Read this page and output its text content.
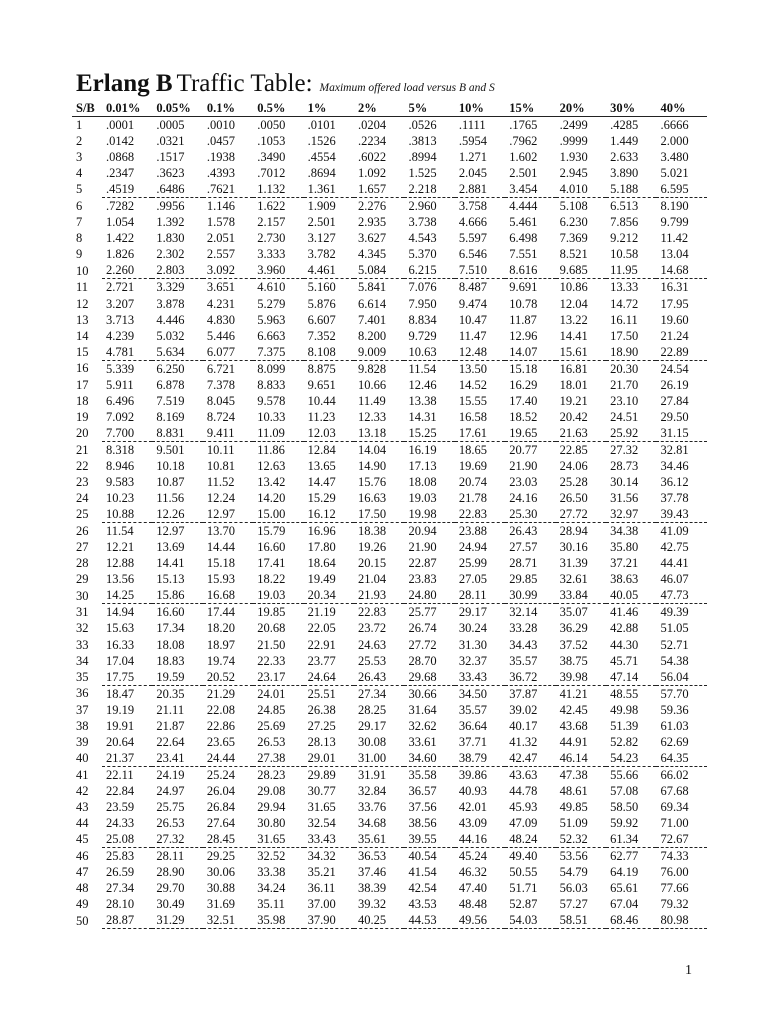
Erlang B Traffic Table: Maximum offered load versus B and S
S/B	0.01%	0.05%	0.1%	0.5%	1%	2%	5%	10%	15%	20%	30%	40%
1	.0001	.0005	.0010	.0050	.0101	.0204	.0526	.1111	.1765	.2499	.4285	.6666
2	.0142	.0321	.0457	.1053	.1526	.2234	.3813	.5954	.7962	.9999	1.449	2.000
3	.0868	.1517	.1938	.3490	.4554	.6022	.8994	1.271	1.602	1.930	2.633	3.480
4	.2347	.3623	.4393	.7012	.8694	1.092	1.525	2.045	2.501	2.945	3.890	5.021
5	.4519	.6486	.7621	1.132	1.361	1.657	2.218	2.881	3.454	4.010	5.188	6.595
6	.7282	.9956	1.146	1.622	1.909	2.276	2.960	3.758	4.444	5.108	6.513	8.190
7	1.054	1.392	1.578	2.157	2.501	2.935	3.738	4.666	5.461	6.230	7.856	9.799
8	1.422	1.830	2.051	2.730	3.127	3.627	4.543	5.597	6.498	7.369	9.212	11.42
9	1.826	2.302	2.557	3.333	3.782	4.345	5.370	6.546	7.551	8.521	10.58	13.04
10	2.260	2.803	3.092	3.960	4.461	5.084	6.215	7.510	8.616	9.685	11.95	14.68
11	2.721	3.329	3.651	4.610	5.160	5.841	7.076	8.487	9.691	10.86	13.33	16.31
12	3.207	3.878	4.231	5.279	5.876	6.614	7.950	9.474	10.78	12.04	14.72	17.95
13	3.713	4.446	4.830	5.963	6.607	7.401	8.834	10.47	11.87	13.22	16.11	19.60
14	4.239	5.032	5.446	6.663	7.352	8.200	9.729	11.47	12.96	14.41	17.50	21.24
15	4.781	5.634	6.077	7.375	8.108	9.009	10.63	12.48	14.07	15.61	18.90	22.89
16	5.339	6.250	6.721	8.099	8.875	9.828	11.54	13.50	15.18	16.81	20.30	24.54
17	5.911	6.878	7.378	8.833	9.651	10.66	12.46	14.52	16.29	18.01	21.70	26.19
18	6.496	7.519	8.045	9.578	10.44	11.49	13.38	15.55	17.40	19.21	23.10	27.84
19	7.092	8.169	8.724	10.33	11.23	12.33	14.31	16.58	18.52	20.42	24.51	29.50
20	7.700	8.831	9.411	11.09	12.03	13.18	15.25	17.61	19.65	21.63	25.92	31.15
21	8.318	9.501	10.11	11.86	12.84	14.04	16.19	18.65	20.77	22.85	27.32	32.81
22	8.946	10.18	10.81	12.63	13.65	14.90	17.13	19.69	21.90	24.06	28.73	34.46
23	9.583	10.87	11.52	13.42	14.47	15.76	18.08	20.74	23.03	25.28	30.14	36.12
24	10.23	11.56	12.24	14.20	15.29	16.63	19.03	21.78	24.16	26.50	31.56	37.78
25	10.88	12.26	12.97	15.00	16.12	17.50	19.98	22.83	25.30	27.72	32.97	39.43
26	11.54	12.97	13.70	15.79	16.96	18.38	20.94	23.88	26.43	28.94	34.38	41.09
27	12.21	13.69	14.44	16.60	17.80	19.26	21.90	24.94	27.57	30.16	35.80	42.75
28	12.88	14.41	15.18	17.41	18.64	20.15	22.87	25.99	28.71	31.39	37.21	44.41
29	13.56	15.13	15.93	18.22	19.49	21.04	23.83	27.05	29.85	32.61	38.63	46.07
30	14.25	15.86	16.68	19.03	20.34	21.93	24.80	28.11	30.99	33.84	40.05	47.73
31	14.94	16.60	17.44	19.85	21.19	22.83	25.77	29.17	32.14	35.07	41.46	49.39
32	15.63	17.34	18.20	20.68	22.05	23.72	26.74	30.24	33.28	36.29	42.88	51.05
33	16.33	18.08	18.97	21.50	22.91	24.63	27.72	31.30	34.43	37.52	44.30	52.71
34	17.04	18.83	19.74	22.33	23.77	25.53	28.70	32.37	35.57	38.75	45.71	54.38
35	17.75	19.59	20.52	23.17	24.64	26.43	29.68	33.43	36.72	39.98	47.14	56.04
36	18.47	20.35	21.29	24.01	25.51	27.34	30.66	34.50	37.87	41.21	48.55	57.70
37	19.19	21.11	22.08	24.85	26.38	28.25	31.64	35.57	39.02	42.45	49.98	59.36
38	19.91	21.87	22.86	25.69	27.25	29.17	32.62	36.64	40.17	43.68	51.39	61.03
39	20.64	22.64	23.65	26.53	28.13	30.08	33.61	37.71	41.32	44.91	52.82	62.69
40	21.37	23.41	24.44	27.38	29.01	31.00	34.60	38.79	42.47	46.14	54.23	64.35
41	22.11	24.19	25.24	28.23	29.89	31.91	35.58	39.86	43.63	47.38	55.66	66.02
42	22.84	24.97	26.04	29.08	30.77	32.84	36.57	40.93	44.78	48.61	57.08	67.68
43	23.59	25.75	26.84	29.94	31.65	33.76	37.56	42.01	45.93	49.85	58.50	69.34
44	24.33	26.53	27.64	30.80	32.54	34.68	38.56	43.09	47.09	51.09	59.92	71.00
45	25.08	27.32	28.45	31.65	33.43	35.61	39.55	44.16	48.24	52.32	61.34	72.67
46	25.83	28.11	29.25	32.52	34.32	36.53	40.54	45.24	49.40	53.56	62.77	74.33
47	26.59	28.90	30.06	33.38	35.21	37.46	41.54	46.32	50.55	54.79	64.19	76.00
48	27.34	29.70	30.88	34.24	36.11	38.39	42.54	47.40	51.71	56.03	65.61	77.66
49	28.10	30.49	31.69	35.11	37.00	39.32	43.53	48.48	52.87	57.27	67.04	79.32
50	28.87	31.29	32.51	35.98	37.90	40.25	44.53	49.56	54.03	58.51	68.46	80.98
1
